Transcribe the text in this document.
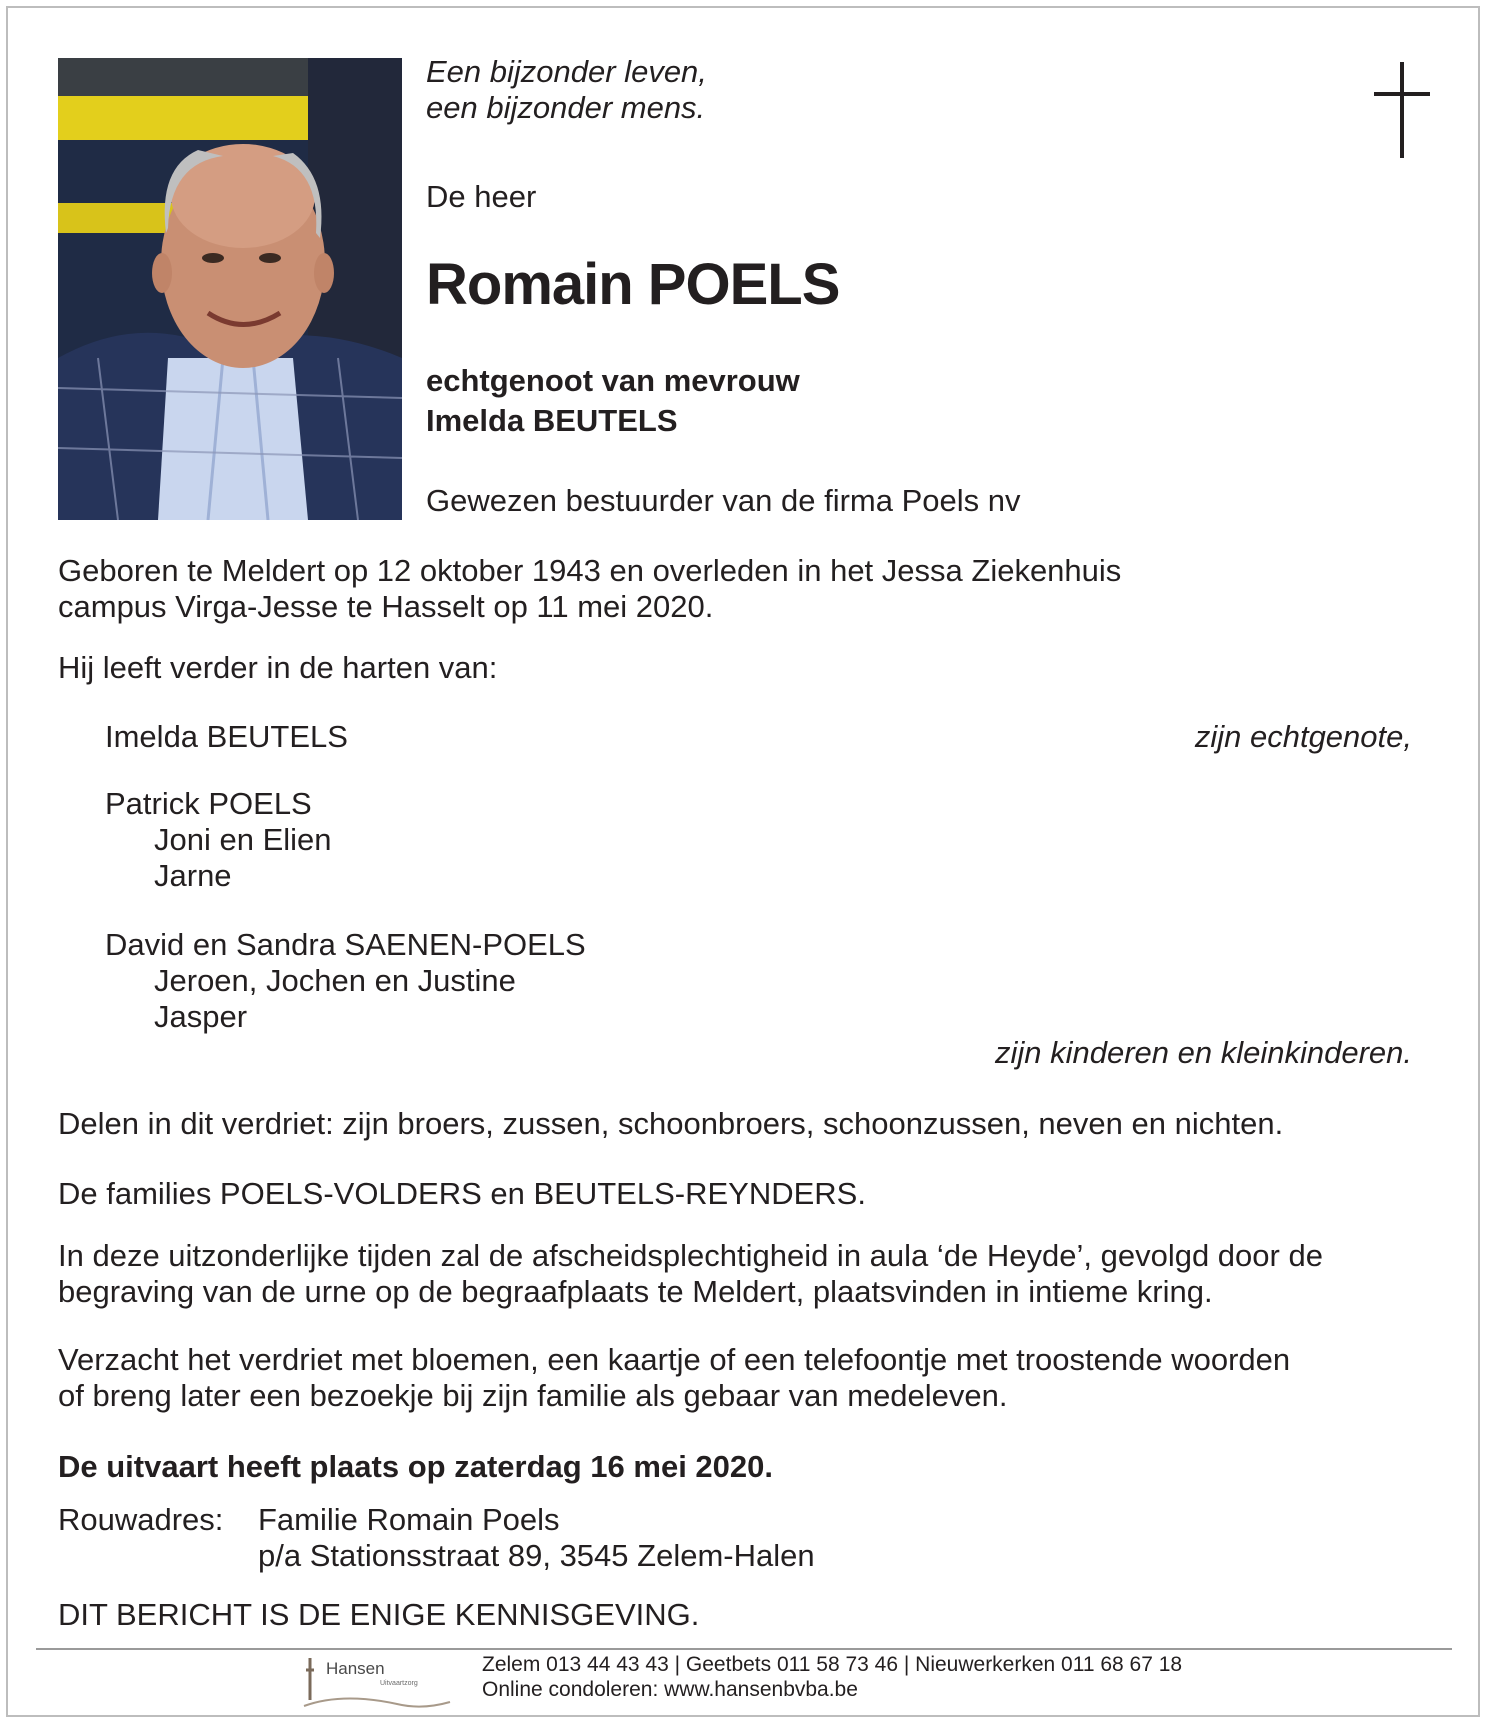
Een bijzonder leven,
een bijzonder mens.
De heer
Romain POELS
echtgenoot van mevrouw
Imelda BEUTELS
Gewezen bestuurder van de firma Poels nv
Geboren te Meldert op 12 oktober 1943 en overleden in het Jessa Ziekenhuis
campus Virga-Jesse te Hasselt op 11 mei 2020.
Hij leeft verder in de harten van:
Imelda BEUTELS	zijn echtgenote,
Patrick POELS
Joni en Elien
Jarne
David en Sandra SAENEN-POELS
Jeroen, Jochen en Justine
Jasper
zijn kinderen en kleinkinderen.
Delen in dit verdriet: zijn broers, zussen, schoonbroers, schoonzussen, neven en nichten.
De families POELS-VOLDERS en BEUTELS-REYNDERS.
In deze uitzonderlijke tijden zal de afscheidsplechtigheid in aula ‘de Heyde’, gevolgd door de
begraving van de urne op de begraafplaats te Meldert, plaatsvinden in intieme kring.
Verzacht het verdriet met bloemen, een kaartje of een telefoontje met troostende woorden
of breng later een bezoekje bij zijn familie als gebaar van medeleven.
De uitvaart heeft plaats op zaterdag 16 mei 2020.
Rouwadres: Familie Romain Poels
p/a Stationsstraat 89, 3545 Zelem-Halen
DIT BERICHT IS DE ENIGE KENNISGEVING.
Hansen
Uitvaartzorg
Zelem 013 44 43 43 | Geetbets 011 58 73 46 | Nieuwerkerken 011 68 67 18
Online condoleren: www.hansenbvba.be
